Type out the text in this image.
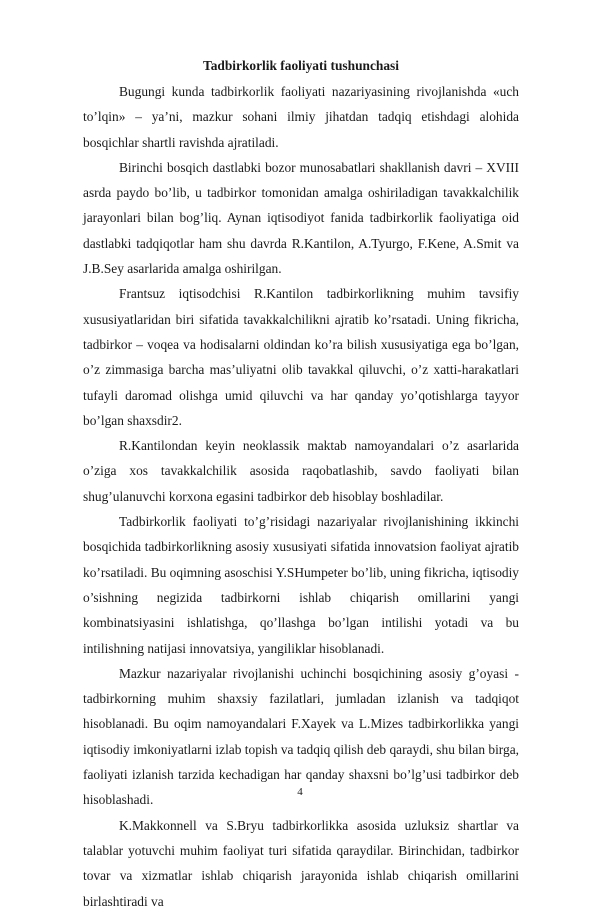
Tadbirkorlik faoliyati tushunchasi

Bugungi kunda tadbirkorlik faoliyati nazariyasining rivojlanishda «uch to’lqin» – ya’ni, mazkur sohani ilmiy jihatdan tadqiq etishdagi alohida bosqichlar shartli ravishda ajratiladi.

Birinchi bosqich dastlabki bozor munosabatlari shakllanish davri – XVIII asrda paydo bo’lib, u tadbirkor tomonidan amalga oshiriladigan tavakkalchilik jarayonlari bilan bog’liq. Aynan iqtisodiyot fanida tadbirkorlik faoliyatiga oid dastlabki tadqiqotlar ham shu davrda R.Kantilon, A.Tyurgo, F.Kene, A.Smit va J.B.Sey asarlarida amalga oshirilgan.

Frantsuz iqtisodchisi R.Kantilon tadbirkorlikning muhim tavsifiy xususiyatlaridan biri sifatida tavakkalchilikni ajratib ko’rsatadi. Uning fikricha, tadbirkor – voqea va hodisalarni oldindan ko’ra bilish xususiyatiga ega bo’lgan, o’z zimmasiga barcha mas’uliyatni olib tavakkal qiluvchi, o’z xatti-harakatlari tufayli daromad olishga umid qiluvchi va har qanday yo’qotishlarga tayyor bo’lgan shaxsdir2.

R.Kantilondan keyin neoklassik maktab namoyandalari o’z asarlarida o’ziga xos tavakkalchilik asosida raqobatlashib, savdo faoliyati bilan shug’ulanuvchi korxona egasini tadbirkor deb hisoblay boshladilar.

Tadbirkorlik faoliyati to’g’risidagi nazariyalar rivojlanishining ikkinchi bosqichida tadbirkorlikning asosiy xususiyati sifatida innovatsion faoliyat ajratib ko’rsatiladi. Bu oqimning asoschisi Y.SHumpeter bo’lib, uning fikricha, iqtisodiy o’sishning negizida tadbirkorni ishlab chiqarish omillarini yangi kombinatsiyasini ishlatishga, qo’llashga bo’lgan intilishi yotadi va bu intilishning natijasi innovatsiya, yangiliklar hisoblanadi.

Mazkur nazariyalar rivojlanishi uchinchi bosqichining asosiy g’oyasi - tadbirkorning muhim shaxsiy fazilatlari, jumladan izlanish va tadqiqot hisoblanadi. Bu oqim namoyandalari F.Xayek va L.Mizes tadbirkorlikka yangi iqtisodiy imkoniyatlarni izlab topish va tadqiq qilish deb qaraydi, shu bilan birga, faoliyati izlanish tarzida kechadigan har qanday shaxsni bo’lg’usi tadbirkor deb hisoblashadi.

K.Makkonnell va S.Bryu tadbirkorlikka asosida uzluksiz shartlar va talablar yotuvchi muhim faoliyat turi sifatida qaraydilar. Birinchidan, tadbirkor tovar va xizmatlar ishlab chiqarish jarayonida ishlab chiqarish omillarini birlashtiradi va

4
